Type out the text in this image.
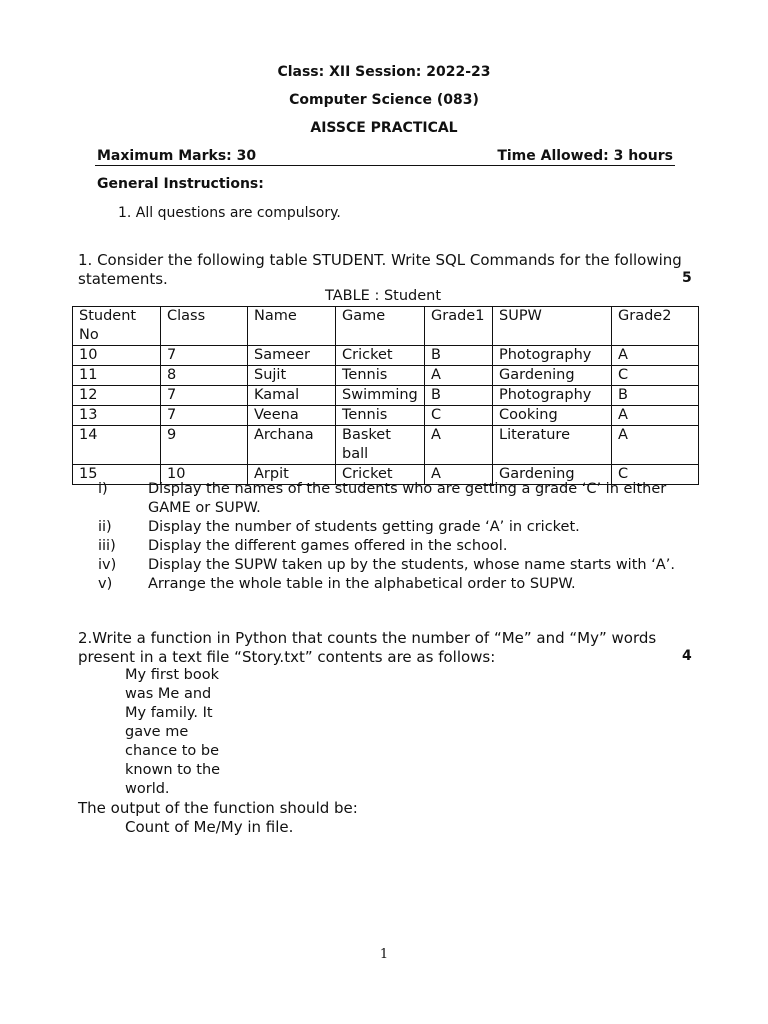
Class: XII Session: 2022-23
Computer Science (083)
AISSCE PRACTICAL
Maximum Marks: 30	Time Allowed: 3 hours
General Instructions:
1. All questions are compulsory.
1. Consider the following table STUDENT. Write SQL Commands for the following
statements.	5
TABLE : Student
Student No	Class	Name	Game	Grade1	SUPW	Grade2
10	7	Sameer	Cricket	B	Photography	A
11	8	Sujit	Tennis	A	Gardening	C
12	7	Kamal	Swimming	B	Photography	B
13	7	Veena	Tennis	C	Cooking	A
14	9	Archana	Basket ball	A	Literature	A
15	10	Arpit	Cricket	A	Gardening	C
i)	Display the names of the students who are getting a grade ‘C’ in either
GAME or SUPW.
ii)	Display the number of students getting grade ‘A’ in cricket.
iii) Display the different games offered in the school.
iv) Display the SUPW taken up by the students, whose name starts with ‘A’.
v) Arrange the whole table in the alphabetical order to SUPW.
2.Write a function in Python that counts the number of “Me” and “My” words
present in a text file “Story.txt” contents are as follows:	4
My first book
was Me and
My family. It
gave me
chance to be
known to the
world.
The output of the function should be:
Count of Me/My in file.
1
